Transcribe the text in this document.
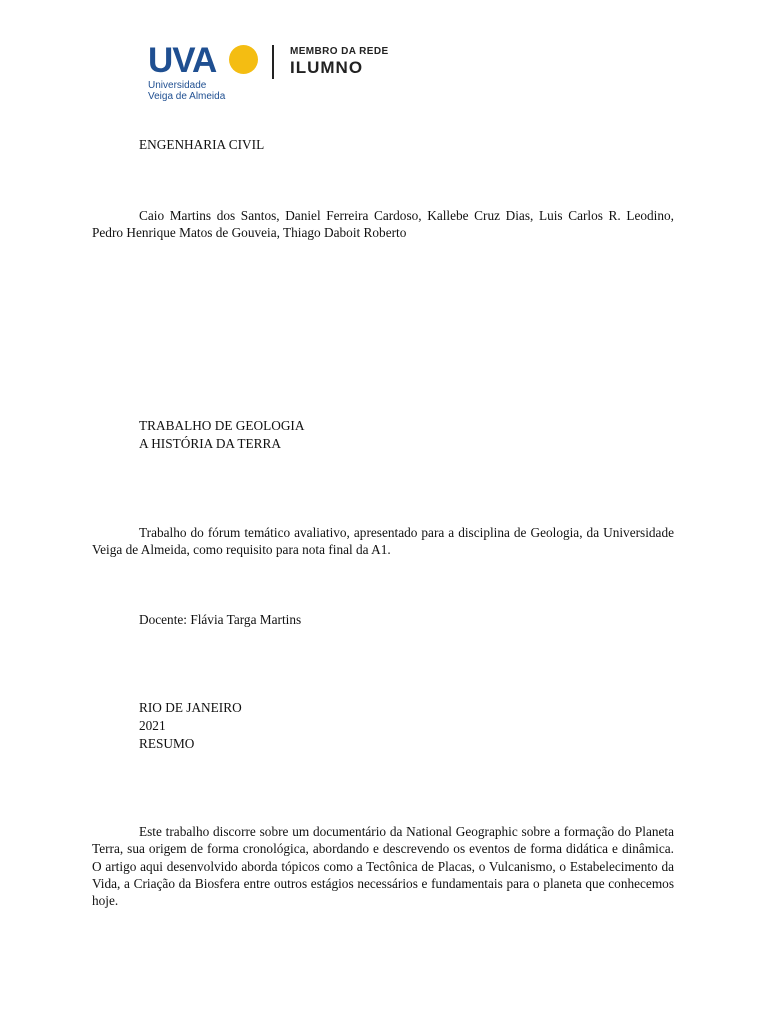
UVA
Universidade
Veiga de Almeida
MEMBRO DA REDE
ILUMNO

ENGENHARIA CIVIL

Caio Martins dos Santos, Daniel Ferreira Cardoso, Kallebe Cruz Dias, Luis Carlos R. Leodino, Pedro Henrique Matos de Gouveia, Thiago Daboit Roberto

TRABALHO DE GEOLOGIA

A HISTÓRIA DA TERRA

Trabalho do fórum temático avaliativo, apresentado para a disciplina de Geologia, da Universidade Veiga de Almeida, como requisito para nota final da A1.

Docente: Flávia Targa Martins

RIO DE JANEIRO

2021

RESUMO

Este trabalho discorre sobre um documentário da National Geographic sobre a formação do Planeta Terra, sua origem de forma cronológica, abordando e descrevendo os eventos de forma didática e dinâmica. O artigo aqui desenvolvido aborda tópicos como a Tectônica de Placas, o Vulcanismo, o Estabelecimento da Vida, a Criação da Biosfera entre outros estágios necessários e fundamentais para o planeta que conhecemos hoje.
